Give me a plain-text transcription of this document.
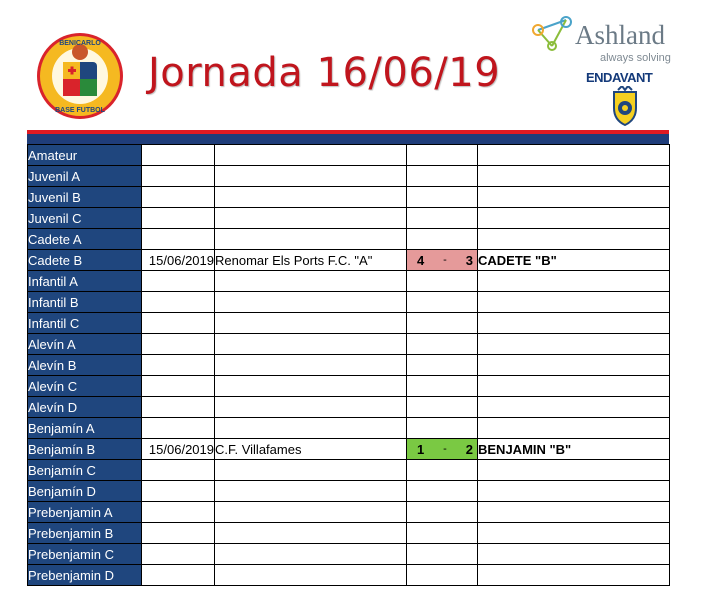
BENICARLO
BASE FUTBOL
Jornada 16/06/19
Ashland
always solving
ENDAVANT
Amateur			

Juvenil A			

Juvenil B			

Juvenil C			

Cadete A			

Cadete B	15/06/2019	Renomar Els Ports F.C. "A"	4 - 3	CADETE "B"
Infantil A			

Infantil B			

Infantil C			

Alevín A			

Alevín B			

Alevín C			

Alevín D			

Benjamín A			

Benjamín B	15/06/2019	C.F. Villafames	1 - 2	BENJAMIN "B"
Benjamín C			

Benjamín D			

Prebenjamin A			

Prebenjamin B			

Prebenjamin C			

Prebenjamin D			
